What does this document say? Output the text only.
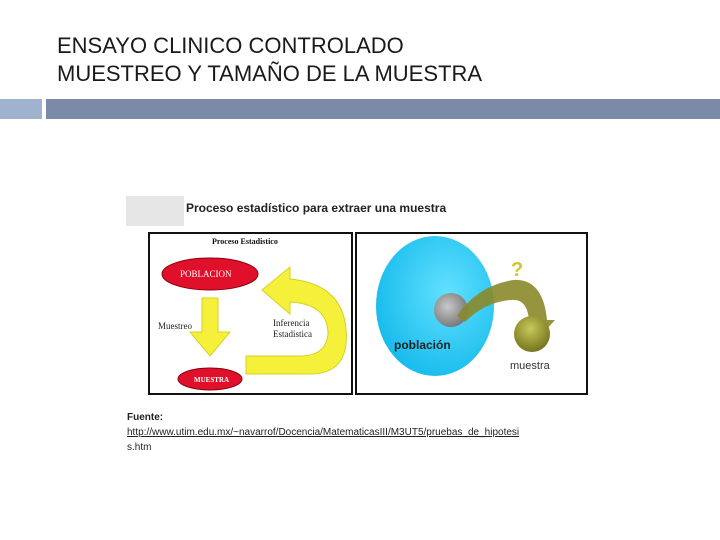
ENSAYO CLINICO CONTROLADO
MUESTREO Y TAMAÑO DE LA MUESTRA
Proceso estadístico para extraer una muestra
Proceso Estadistico
POBLACION
Muestreo	Inferencia
Estadistica
MUESTRA
?
población
muestra
Fuente:
http://www.utim.edu.mx/~navarrof/Docencia/MatematicasIII/M3UT5/pruebas_de_hipotesi
s.htm
